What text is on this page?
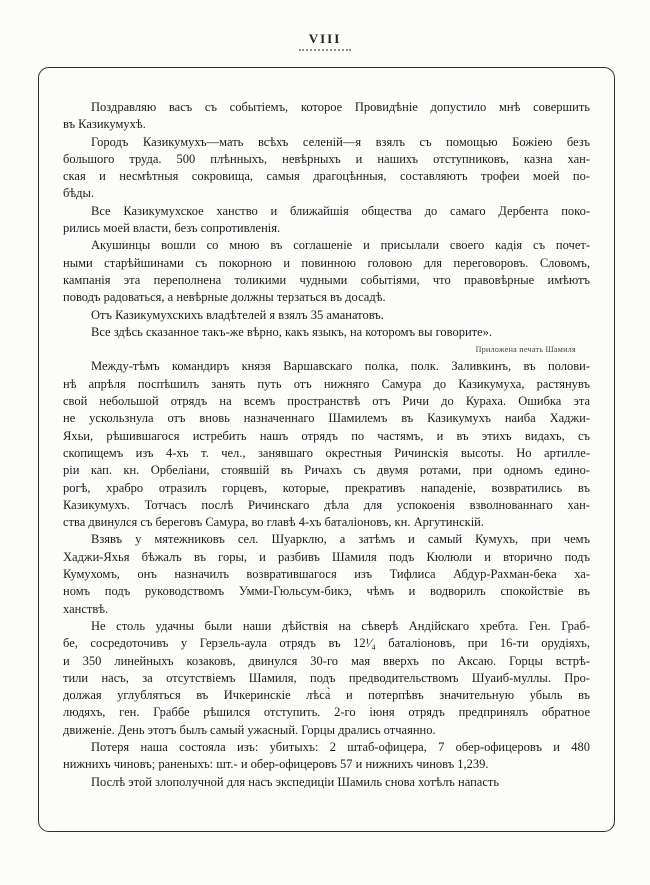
VIII
Поздравляю васъ съ событіемъ, которое Провидѣніе допустило мнѣ совершить
въ Казикумухѣ.
Городъ Казикумухъ—мать всѣхъ селеній—я взялъ съ помощью Божіею безъ
большого труда. 500 плѣнныхъ, невѣрныхъ и нашихъ отступниковъ, казна хан-
ская и несмѣтныя сокровища, самыя драгоцѣнныя, составляютъ трофеи моей по-
бѣды.
Все Казикумухское ханство и ближайшія общества до самаго Дербента поко-
рились моей власти, безъ сопротивленія.
Акушинцы вошли со мною въ соглашеніе и присылали своего кадія съ почет-
ными старѣйшинами съ покорною и повинною головою для переговоровъ. Словомъ,
кампанія эта переполнена толикими чудными событіями, что правовѣрные имѣютъ
поводъ радоваться, а невѣрные должны терзаться въ досадѣ.
Отъ Казикумухскихъ владѣтелей я взялъ 35 аманатовъ.
Все здѣсь сказанное такъ-же вѣрно, какъ языкъ, на которомъ вы говорите».
Приложена печать Шамиля
Между-тѣмъ командиръ князя Варшавскаго полка, полк. Заливкинъ, въ полови-
нѣ апрѣля поспѣшилъ занять путь отъ нижняго Самура до Казикумуха, растянувъ
свой небольшой отрядъ на всемъ пространствѣ отъ Ричи до Кураха. Ошибка эта
не ускользнула отъ вновь назначеннаго Шамилемъ въ Казикумухъ наиба Хаджи-
Яхьи, рѣшившагося истребить нашъ отрядъ по частямъ, и въ этихъ видахъ, съ
скопищемъ изъ 4-хъ т. чел., занявшаго окрестныя Ричинскія высоты. Но артилле-
ріи кап. кн. Орбеліани, стоявшій въ Ричахъ съ двумя ротами, при одномъ едино-
рогѣ, храбро отразилъ горцевъ, которые, прекративъ нападеніе, возвратились въ
Казикумухъ. Тотчасъ послѣ Ричинскаго дѣла для успокоенія взволнованнаго хан-
ства двинулся съ береговъ Самура, во главѣ 4-хъ баталіоновъ, кн. Аргутинскій.
Взявъ у мятежниковъ сел. Шуарклю, а затѣмъ и самый Кумухъ, при чемъ
Хаджи-Яхья бѣжалъ въ горы, и разбивъ Шамиля подъ Кюлюли и вторично подъ
Кумухомъ, онъ назначилъ возвратившагося изъ Тифлиса Абдур-Рахман-бека ха-
номъ подъ руководствомъ Умми-Гюльсум-бикэ, чѣмъ и водворилъ спокойствіе въ
ханствѣ.
Не столь удачны были наши дѣйствія на сѣверѣ Андійскаго хребта. Ген. Граб-
бе, сосредоточивъ у Герзель-аула отрядъ въ 12¹⁄₄ баталіоновъ, при 16-ти орудіяхъ,
и 350 линейныхъ козаковъ, двинулся 30-го мая вверхъ по Аксаю. Горцы встрѣ-
тили насъ, за отсутствіемъ Шамиля, подъ предводительствомъ Шуаиб-муллы. Про-
должая углубляться въ Ичкеринскіе лѣса̀ и потерпѣвъ значительную убыль въ
людяхъ, ген. Граббе рѣшился отступить. 2-го іюня отрядъ предпринялъ обратное
движеніе. День этотъ былъ самый ужасный. Горцы дрались отчаянно.
Потеря наша состояла изъ: убитыхъ: 2 штаб-офицера, 7 обер-офицеровъ и 480
нижнихъ чиновъ; раненыхъ: шт.- и обер-офицеровъ 57 и нижнихъ чиновъ 1,239.
Послѣ этой злополучной для насъ экспедиціи Шамиль снова хотѣлъ напасть
